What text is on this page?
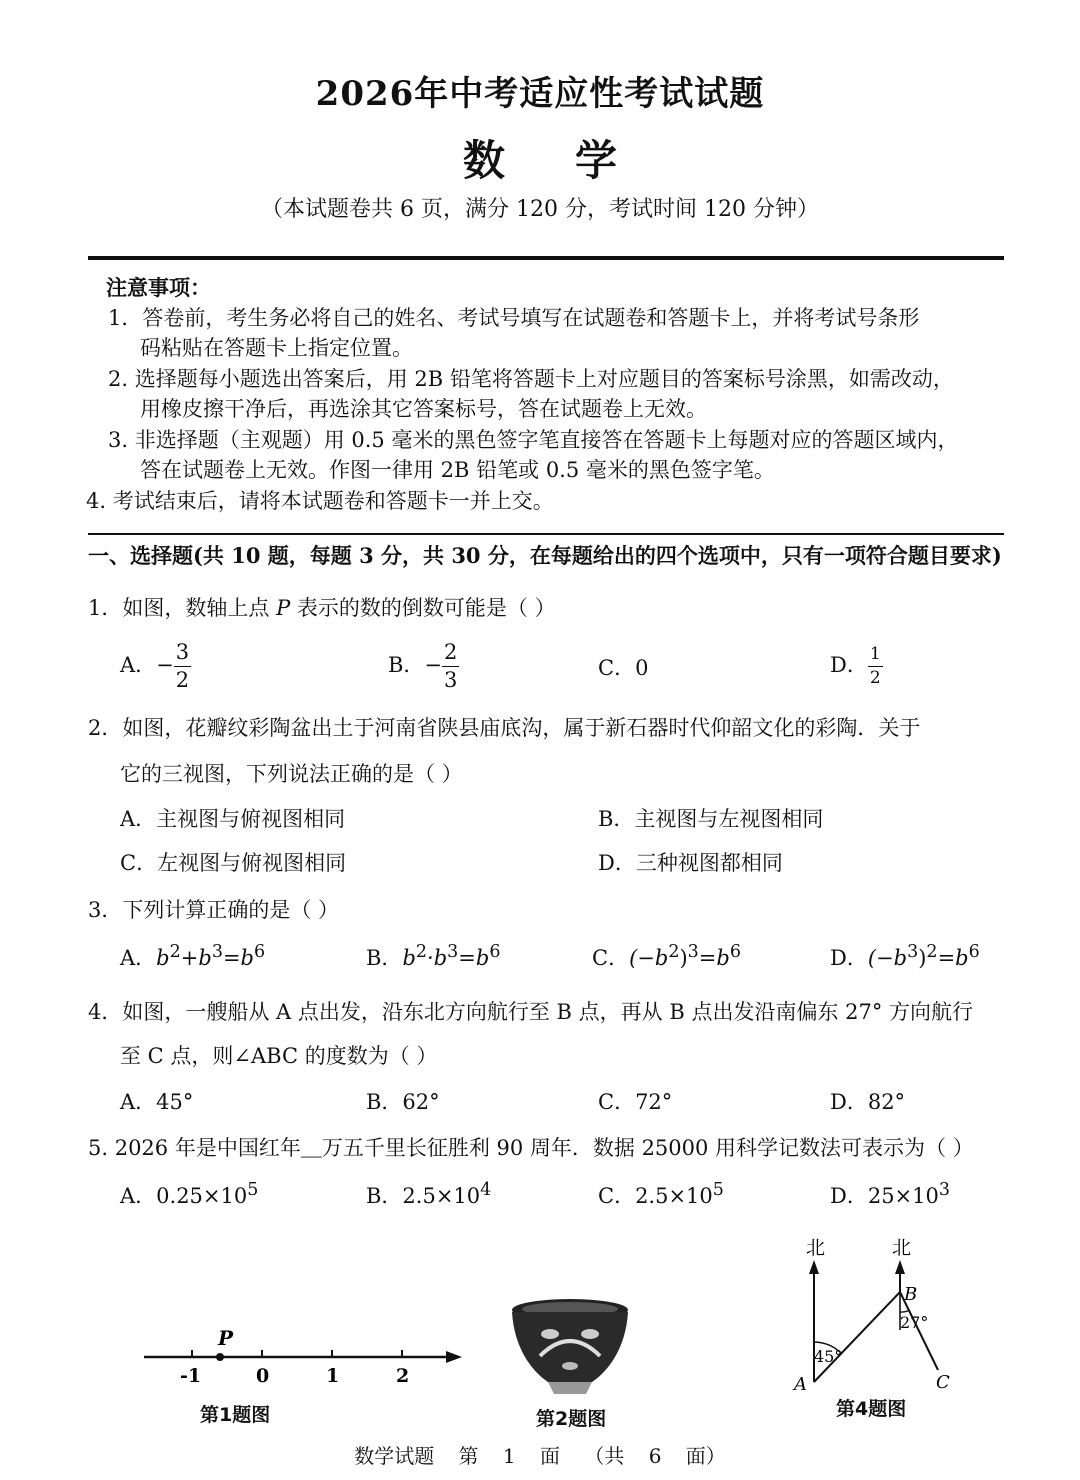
2026年中考适应性考试试题
数学
（本试题卷共 6 页，满分 120 分，考试时间 120 分钟）
注意事项：
1．答卷前，考生务必将自己的姓名、考试号填写在试题卷和答题卡上，并将考试号条形
码粘贴在答题卡上指定位置。
2. 选择题每小题选出答案后，用 2B 铅笔将答题卡上对应题目的答案标号涂黑，如需改动，
用橡皮擦干净后，再选涂其它答案标号，答在试题卷上无效。
3. 非选择题（主观题）用 0.5 毫米的黑色签字笔直接答在答题卡上每题对应的答题区域内，
答在试题卷上无效。作图一律用 2B 铅笔或 0.5 毫米的黑色签字笔。
4. 考试结束后，请将本试题卷和答题卡一并上交。
一、选择题(共 10 题，每题 3 分，共 30 分，在每题给出的四个选项中，只有一项符合题目要求)
1．如图，数轴上点 P 表示的数的倒数可能是（ ）
A．− $\frac{3}{2}$	B．− $\frac{2}{3}$	C．0	D． $\frac{1}{2}$
2．如图，花瓣纹彩陶盆出土于河南省陕县庙底沟，属于新石器时代仰韶文化的彩陶．关于
它的三视图，下列说法正确的是（ ）
A．主视图与俯视图相同	B．主视图与左视图相同
C．左视图与俯视图相同	D．三种视图都相同
3．下列计算正确的是（ ）
A．$b^2+b^3=b^6$	B．$b^2\cdot b^3=b^6$	C．$(-b^2)^3=b^6$	D．$(-b^3)^2=b^6$
4．如图，一艘船从 A 点出发，沿东北方向航行至 B 点，再从 B 点出发沿南偏东 27° 方向航行
至 C 点，则∠ABC 的度数为（ ）
A．45°	B．62°	C．72°	D．82°
5. 2026 年是中国红年＿万五千里长征胜利 90 周年．数据 25000 用科学记数法可表示为（ ）
A．$0.25\times 10^5$	B．$2.5\times 10^4$	C．$2.5\times 10^5$	D．$25\times 10^3$
P
-1	0	1	2
第1题图	第2题图
北	北
45°
27°
A
B
C
第4题图
数学试题 第 1 面 （共 6 面）
